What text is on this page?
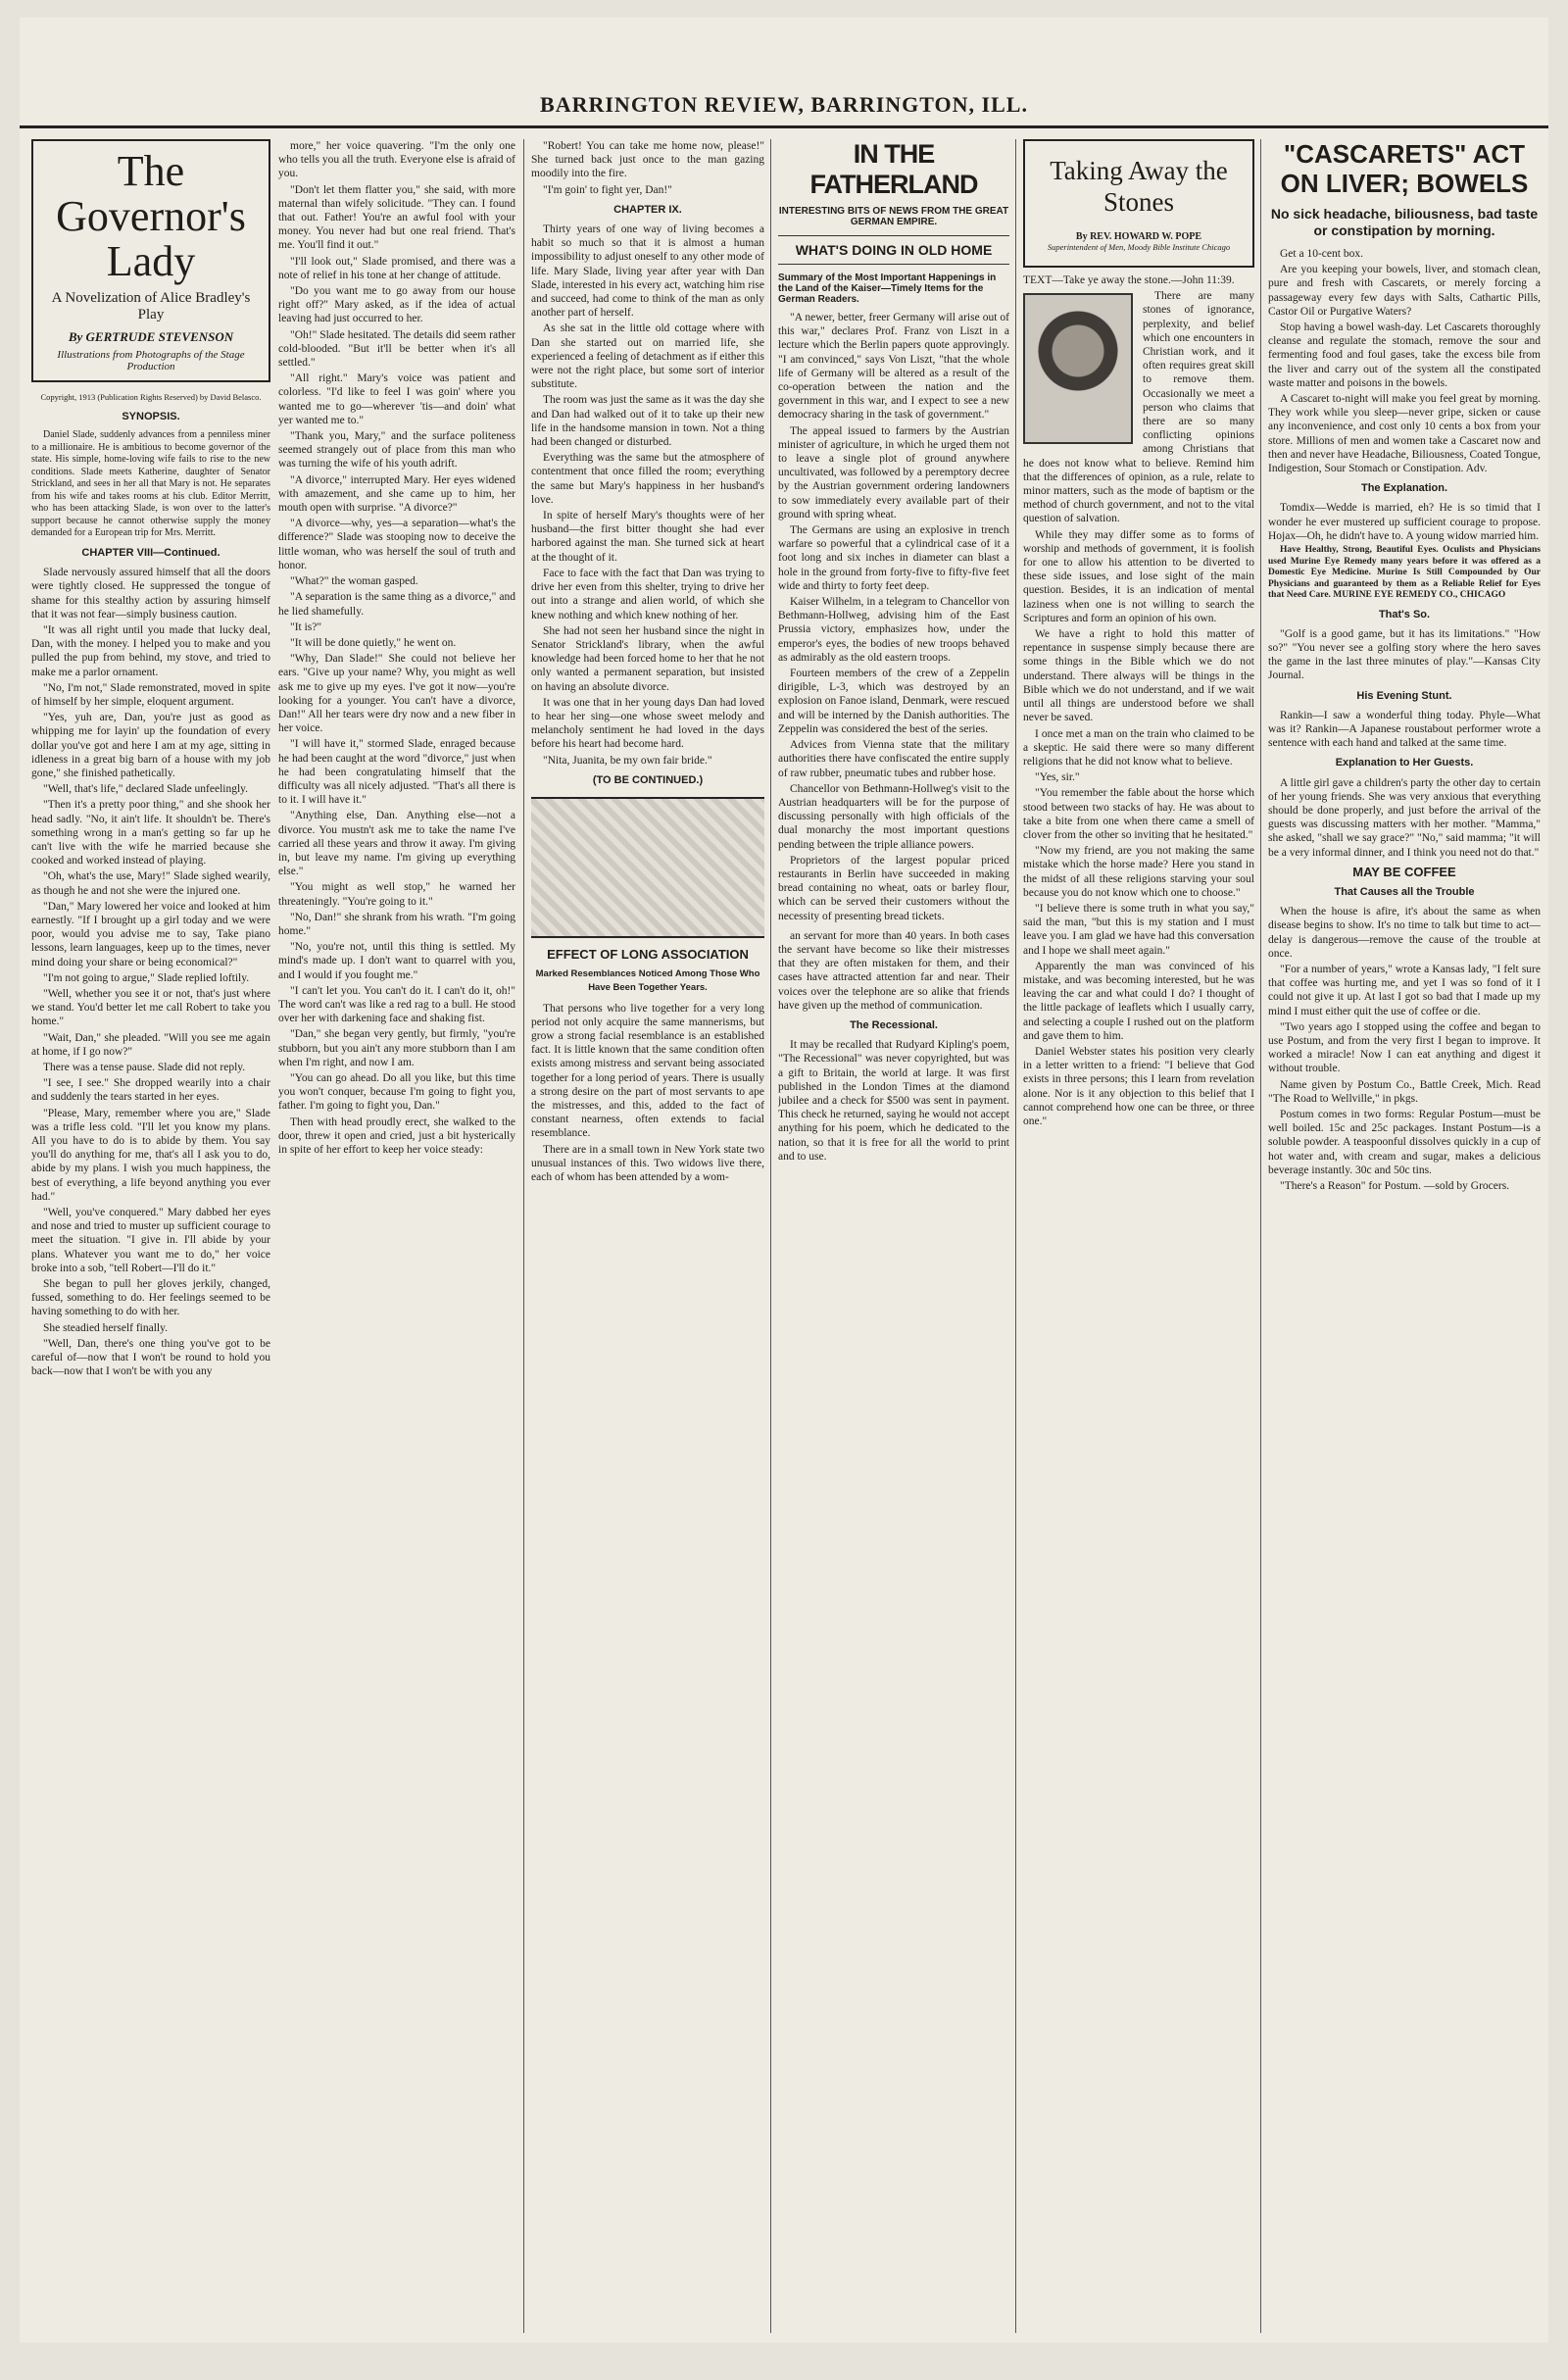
BARRINGTON REVIEW, BARRINGTON, ILL.
The Governor's Lady
A Novelization of Alice Bradley's Play
By GERTRUDE STEVENSON
Illustrations from Photographs of the Stage Production
Copyright, 1913 (Publication Rights Reserved) by David Belasco.
SYNOPSIS.

Daniel Slade, suddenly advances from a penniless miner to a millionaire. He is ambitious to become governor of the state. His simple, home-loving wife fails to rise to the new conditions. Slade meets Katherine, daughter of Senator Strickland, and sees in her all that Mary is not. He separates from his wife and takes rooms at his club. Editor Merritt, who has been attacking Slade, is won over to the latter's support because he cannot otherwise supply the money demanded for a European trip for Mrs. Merritt.

CHAPTER VIII—Continued.

Slade nervously assured himself that all the doors were tightly closed. He suppressed the tongue of shame for this stealthy action by assuring himself that it was not fear—simply business caution.

"It was all right until you made that lucky deal, Dan, with the money. I helped you to make and you pulled the pup from behind, my stove, and tried to make me a parlor ornament.

"No, I'm not," Slade remonstrated, moved in spite of himself by her simple, eloquent argument.

"Yes, yuh are, Dan, you're just as good as whipping me for layin' up the foundation of every dollar you've got and here I am at my age, sitting in idleness in a great big barn of a house with my job gone," she finished pathetically.

"Well, that's life," declared Slade unfeelingly.

"Then it's a pretty poor thing," and she shook her head sadly. "No, it ain't life. It shouldn't be. There's something wrong in a man's getting so far up he can't live with the wife he married because she cooked and worked instead of playing.

"Oh, what's the use, Mary!" Slade sighed wearily, as though he and not she were the injured one.

"Dan," Mary lowered her voice and looked at him earnestly. "If I brought up a girl today and we were poor, would you advise me to say, Take piano lessons, learn languages, keep up to the times, never mind doing your share or being economical?"

"I'm not going to argue," Slade replied loftily.

"Well, whether you see it or not, that's just where we stand. You'd better let me call Robert to take you home."

"Wait, Dan," she pleaded. "Will you see me again at home, if I go now?"

There was a tense pause. Slade did not reply.

"I see, I see." She dropped wearily into a chair and suddenly the tears started in her eyes.

"Please, Mary, remember where you are," Slade was a trifle less cold. "I'll let you know my plans. All you have to do is to abide by them. You say you'll do anything for me, that's all I ask you to do, abide by my plans. I wish you much happiness, the best of everything, a life beyond anything you ever had."

"Well, you've conquered." Mary dabbed her eyes and nose and tried to muster up sufficient courage to meet the situation. "I give in. I'll abide by your plans. Whatever you want me to do," her voice broke into a sob, "tell Robert—I'll do it."

She began to pull her gloves jerkily, changed, fussed, something to do. Her feelings seemed to be having something to do with her.

She steadied herself finally.

"Well, Dan, there's one thing you've got to be careful of—now that I won't be round to hold you back—now that I won't be with you any

more," her voice quavering. "I'm the only one who tells you all the truth. Everyone else is afraid of you.

"Don't let them flatter you," she said, with more maternal than wifely solicitude. "They can. I found that out. Father! You're an awful fool with your money. You never had but one real friend. That's me. You'll find it out."

"I'll look out," Slade promised, and there was a note of relief in his tone at her change of attitude.

"Do you want me to go away from our house right off?" Mary asked, as if the idea of actual leaving had just occurred to her.

"Oh!" Slade hesitated. The details did seem rather cold-blooded. "But it'll be better when it's all settled."

"All right." Mary's voice was patient and colorless. "I'd like to feel I was goin' where you wanted me to go—wherever 'tis—and doin' what yer wanted me to."

"Thank you, Mary," and the surface politeness seemed strangely out of place from this man who was turning the wife of his youth adrift.

"A divorce," interrupted Mary. Her eyes widened with amazement, and she came up to him, her mouth open with surprise. "A divorce?"

"A divorce—why, yes—a separation—what's the difference?" Slade was stooping now to deceive the little woman, who was herself the soul of truth and honor.

"What?" the woman gasped.

"A separation is the same thing as a divorce," and he lied shamefully.

"It is?"

"It will be done quietly," he went on.

"Why, Dan Slade!" She could not believe her ears. "Give up your name? Why, you might as well ask me to give up my eyes. I've got it now—you're looking for a younger. You can't have a divorce, Dan!" All her tears were dry now and a new fiber in her voice.

"I will have it," stormed Slade, enraged because he had been caught at the word "divorce," just when he had been congratulating himself that the difficulty was all nicely adjusted. "That's all there is to it. I will have it."

"Anything else, Dan. Anything else—not a divorce. You mustn't ask me to take the name I've carried all these years and throw it away. I'm giving in, but leave my name. I'm giving up everything else."

"You might as well stop," he warned her threateningly. "You're going to it."

"No, Dan!" she shrank from his wrath. "I'm going home."

"No, you're not, until this thing is settled. My mind's made up. I don't want to quarrel with you, and I would if you fought me."

"I can't let you. You can't do it. I can't do it, oh!" The word can't was like a red rag to a bull. He stood over her with darkening face and shaking fist.

"Dan," she began very gently, but firmly, "you're stubborn, but you ain't any more stubborn than I am when I'm right, and now I am.

"You can go ahead. Do all you like, but this time you won't conquer, because I'm going to fight you, father. I'm going to fight you, Dan."

Then with head proudly erect, she walked to the door, threw it open and cried, just a bit hysterically in spite of her effort to keep her voice steady:

"Robert! You can take me home now, please!" She turned back just once to the man gazing moodily into the fire.

"I'm goin' to fight yer, Dan!"

CHAPTER IX.

Thirty years of one way of living becomes a habit so much so that it is almost a human impossibility to adjust oneself to any other mode of life. Mary Slade, living year after year with Dan Slade, interested in his every act, watching him rise and succeed, had come to think of the man as only another part of herself.

As she sat in the little old cottage where with Dan she started out on married life, she experienced a feeling of detachment as if either this were not the right place, but some sort of interior substitute.

The room was just the same as it was the day she and Dan had walked out of it to take up their new life in the handsome mansion in town. Not a thing had been changed or disturbed.

Everything was the same but the atmosphere of contentment that once filled the room; everything the same but Mary's happiness in her husband's love.

In spite of herself Mary's thoughts were of her husband—the first bitter thought she had ever harbored against the man. She turned sick at heart at the thought of it.

Face to face with the fact that Dan was trying to drive her even from this shelter, trying to drive her out into a strange and alien world, of which she knew nothing and which knew nothing of her.

She had not seen her husband since the night in Senator Strickland's library, when the awful knowledge had been forced home to her that he not only wanted a permanent separation, but insisted on having an absolute divorce.

It was one that in her young days Dan had loved to hear her sing—one whose sweet melody and melancholy sentiment he had loved in the days before his heart had become hard.

"Nita, Juanita, be my own fair bride."

(TO BE CONTINUED.)
EFFECT OF LONG ASSOCIATION
Marked Resemblances Noticed Among Those Who Have Been Together Years.

That persons who live together for a very long period not only acquire the same mannerisms, but grow a strong facial resemblance is an established fact. It is little known that the same condition often exists among mistress and servant being associated together for a long period of years. There is usually a strong desire on the part of most servants to ape the mistresses, and this, added to the fact of constant nearness, often extends to facial resemblance.

There are in a small town in New York state two unusual instances of this. Two widows live there, each of whom has been attended by a wom-

IN THE FATHERLAND
INTERESTING BITS OF NEWS FROM THE GREAT GERMAN EMPIRE.
WHAT'S DOING IN OLD HOME
Summary of the Most Important Happenings in the Land of the Kaiser—Timely Items for the German Readers.

"A newer, better, freer Germany will arise out of this war," declares Prof. Franz von Liszt in a lecture which the Berlin papers quote approvingly. "I am convinced," says Von Liszt, "that the whole life of Germany will be altered as a result of the co-operation between the nation and the government in this war, and I expect to see a new democracy sharing in the task of government."

The appeal issued to farmers by the Austrian minister of agriculture, in which he urged them not to leave a single plot of ground anywhere uncultivated, was followed by a peremptory decree by the Austrian government ordering landowners to sow immediately every available part of their ground with spring wheat.

The Germans are using an explosive in trench warfare so powerful that a cylindrical case of it a foot long and six inches in diameter can blast a hole in the ground from forty-five to fifty-five feet wide and thirty to forty feet deep.

Kaiser Wilhelm, in a telegram to Chancellor von Bethmann-Hollweg, advising him of the East Prussia victory, emphasizes how, under the emperor's eyes, the bodies of new troops behaved as admirably as the old eastern troops.

Fourteen members of the crew of a Zeppelin dirigible, L-3, which was destroyed by an explosion on Fanoe island, Denmark, were rescued and will be interned by the Danish authorities. The Zeppelin was considered the best of the series.

Advices from Vienna state that the military authorities there have confiscated the entire supply of raw rubber, pneumatic tubes and rubber hose.

Chancellor von Bethmann-Hollweg's visit to the Austrian headquarters will be for the purpose of discussing personally with high officials of the dual monarchy the most important questions pending between the triple alliance powers.

Proprietors of the largest popular priced restaurants in Berlin have succeeded in making bread containing no wheat, oats or barley flour, which can be served their customers without the necessity of presenting bread tickets.

an servant for more than 40 years. In both cases the servant have become so like their mistresses that they are often mistaken for them, and their cases have attracted attention far and near. Their voices over the telephone are so alike that friends have given up the method of communication.

The Recessional.

It may be recalled that Rudyard Kipling's poem, "The Recessional" was never copyrighted, but was a gift to Britain, the world at large. It was first published in the London Times at the diamond jubilee and a check for $500 was sent in payment. This check he returned, saying he would not accept anything for his poem, which he dedicated to the nation, so that it is free for all the world to print and to use.

Taking Away the Stones
By REV. HOWARD W. POPE
Superintendent of Men, Moody Bible Institute Chicago

TEXT—Take ye away the stone.—John 11:39.

There are many stones of ignorance, perplexity, and belief which one encounters in Christian work, and it often requires great skill to remove them. Occasionally we meet a person who claims that there are so many conflicting opinions among Christians that he does not know what to believe. Remind him that the differences of opinion, as a rule, relate to minor matters, such as the mode of baptism or the method of church government, and not to the vital question of salvation.

While they may differ some as to forms of worship and methods of government, it is foolish for one to allow his attention to be diverted to these side issues, and lose sight of the main question. Besides, it is an indication of mental laziness when one is not willing to search the Scriptures and form an opinion of his own.

We have a right to hold this matter of repentance in suspense simply because there are some things in the Bible which we do not understand. There always will be things in the Bible which we do not understand, and if we wait until all things are understood before we shall never be saved.

I once met a man on the train who claimed to be a skeptic. He said there were so many different religions that he did not know what to believe.

"Yes, sir."

"You remember the fable about the horse which stood between two stacks of hay. He was about to take a bite from one when there came a smell of clover from the other so inviting that he hesitated."

"Now my friend, are you not making the same mistake which the horse made? Here you stand in the midst of all these religions starving your soul because you do not know which one to choose."

"I believe there is some truth in what you say," said the man, "but this is my station and I must leave you. I am glad we have had this conversation and I hope we shall meet again."

Apparently the man was convinced of his mistake, and was becoming interested, but he was leaving the car and what could I do? I thought of the little package of leaflets which I usually carry, and selecting a couple I rushed out on the platform and gave them to him.

Daniel Webster states his position very clearly in a letter written to a friend: "I believe that God exists in three persons; this I learn from revelation alone. Nor is it any objection to this belief that I cannot comprehend how one can be three, or three one."

"CASCARETS" ACT ON LIVER; BOWELS
No sick headache, biliousness, bad taste or constipation by morning.

Get a 10-cent box.

Are you keeping your bowels, liver, and stomach clean, pure and fresh with Cascarets, or merely forcing a passageway every few days with Salts, Cathartic Pills, Castor Oil or Purgative Waters?

Stop having a bowel wash-day. Let Cascarets thoroughly cleanse and regulate the stomach, remove the sour and fermenting food and foul gases, take the excess bile from the liver and carry out of the system all the constipated waste matter and poisons in the bowels.

A Cascaret to-night will make you feel great by morning. They work while you sleep—never gripe, sicken or cause any inconvenience, and cost only 10 cents a box from your store. Millions of men and women take a Cascaret now and then and never have Headache, Biliousness, Coated Tongue, Indigestion, Sour Stomach or Constipation. Adv.

The Explanation.

Tomdix—Wedde is married, eh? He is so timid that I wonder he ever mustered up sufficient courage to propose. Hojax—Oh, he didn't have to. A young widow married him.

Have Healthy, Strong, Beautiful Eyes. Oculists and Physicians used Murine Eye Remedy many years before it was offered as a Domestic Eye Medicine. Murine Is Still Compounded by Our Physicians and guaranteed by them as a Reliable Relief for Eyes that Need Care. MURINE EYE REMEDY CO., CHICAGO

That's So.

"Golf is a good game, but it has its limitations." "How so?" "You never see a golfing story where the hero saves the game in the last three minutes of play."—Kansas City Journal.

His Evening Stunt.

Rankin—I saw a wonderful thing today. Phyle—What was it? Rankin—A Japanese roustabout performer wrote a sentence with each hand and talked at the same time.

Explanation to Her Guests.

A little girl gave a children's party the other day to certain of her young friends. She was very anxious that everything should be done properly, and just before the arrival of the guests was discussing matters with her mother. "Mamma," she asked, "shall we say grace?" "No," said mamma; "it will be a very informal dinner, and I think you need not do that."

MAY BE COFFEE
That Causes all the Trouble

When the house is afire, it's about the same as when disease begins to show. It's no time to talk but time to act—delay is dangerous—remove the cause of the trouble at once.

"For a number of years," wrote a Kansas lady, "I felt sure that coffee was hurting me, and yet I was so fond of it I could not give it up. At last I got so bad that I made up my mind I must either quit the use of coffee or die.

"Two years ago I stopped using the coffee and began to use Postum, and from the very first I began to improve. It worked a miracle! Now I can eat anything and digest it without trouble.

Name given by Postum Co., Battle Creek, Mich. Read "The Road to Wellville," in pkgs.

Postum comes in two forms: Regular Postum—must be well boiled. 15c and 25c packages. Instant Postum—is a soluble powder. A teaspoonful dissolves quickly in a cup of hot water and, with cream and sugar, makes a delicious beverage instantly. 30c and 50c tins.

"There's a Reason" for Postum. —sold by Grocers.
